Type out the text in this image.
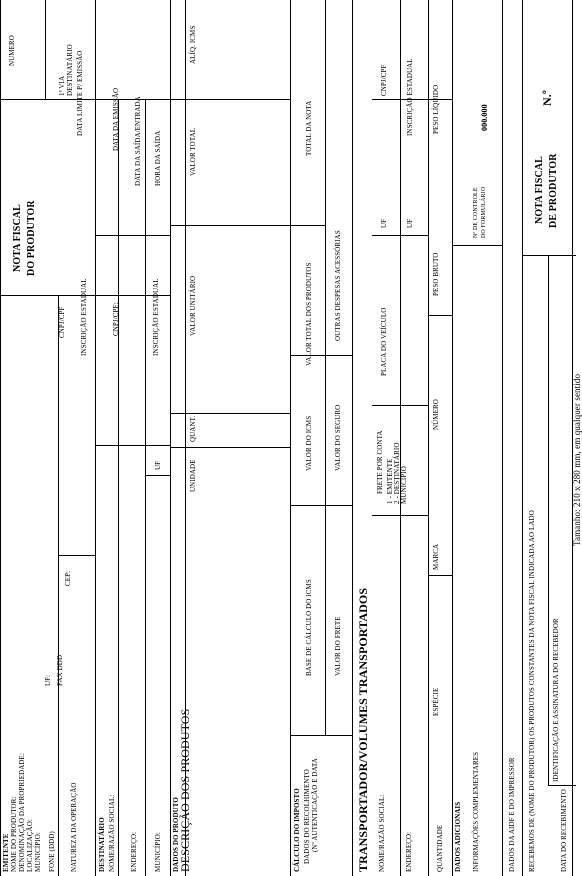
NOTA FISCAL DO PRODUTOR
NUMERO
1ª VIA DESTINATÁRIO DATA LIMITE P/ EMISSÃO
EMITENTE NOME DO PRODUTOR: DENOMINAÇÃO DA PROPRIEDADE: LOCALIZAÇÃO: MUNICÍPIO:
UF:
FONE (DDD)
FAX DDD
CEP:
NATUREZA DA OPERAÇÃO
CNPJ/CPF INSCRIÇÃO ESTADUAL
DESTINATÁRIO NOME/RAZÃO SOCIAL:
CNPJ/CPF:
DATA DA EMISSÃO
ENDEREÇO:
DATA DA SAÍDA/ENTRADA
MUNICÍPIO:
UF
INSCRIÇÃO ESTADUAL
HORA DA SAÍDA
DADOS DO PRODUTO
DESCRIÇÃO DOS PRODUTOS
UNIDADE
QUANT.
VALOR UNITÁRIO
VALOR TOTAL
ALÍQ. ICMS
CÁLCULO DO IMPOSTO DADOS DO RECOLHIMENTO (Nº AUTENTICAÇÃO E DATA
BASE DE CÁLCULO DO ICMS
VALOR DO ICMS
VALOR TOTAL DOS PRODUTOS
TOTAL DA NOTA
VALOR DO FRETE
VALOR DO SEGURO
OUTRAS DESPESAS ACESSÓRIAS
TRANSPORTADOR/VOLUMES TRANSPORTADOS NOME/RAZÃO SOCIAL:
FRETE POR CONTA 1 - EMITENTE 2 - DESTINATÁRIO
PLACA DO VEÍCULO
UF
CNPJ/CPF
ENDEREÇO:
MUNICÍPIO
UF
INSCRIÇÃO ESTADUAL
QUANTIDADE
ESPÉCIE
MARCA
NÚMERO
PESO BRUTO
PESO LÍQUIDO
DADOS ADICIONAIS INFORMAÇÕES COMPLEMENTARES
Nº DE CONTROLE DO FORMULÁRIO
000.000
DADOS DA AIDF E DO IMPRESSOR RECEBEMOS DE (NOME DO PRODUTOR) OS PRODUTOS CONSTANTES DA NOTA FISCAL INDICADA AO LADO	DATA DO RECEBIMENTO
IDENTIFICAÇÃO E ASSINATURA DO RECEBEDOR
NOTA FISCAL DE PRODUTOR
N.º
Tamanho: 210 x 280 mm, em qualquer sentido
